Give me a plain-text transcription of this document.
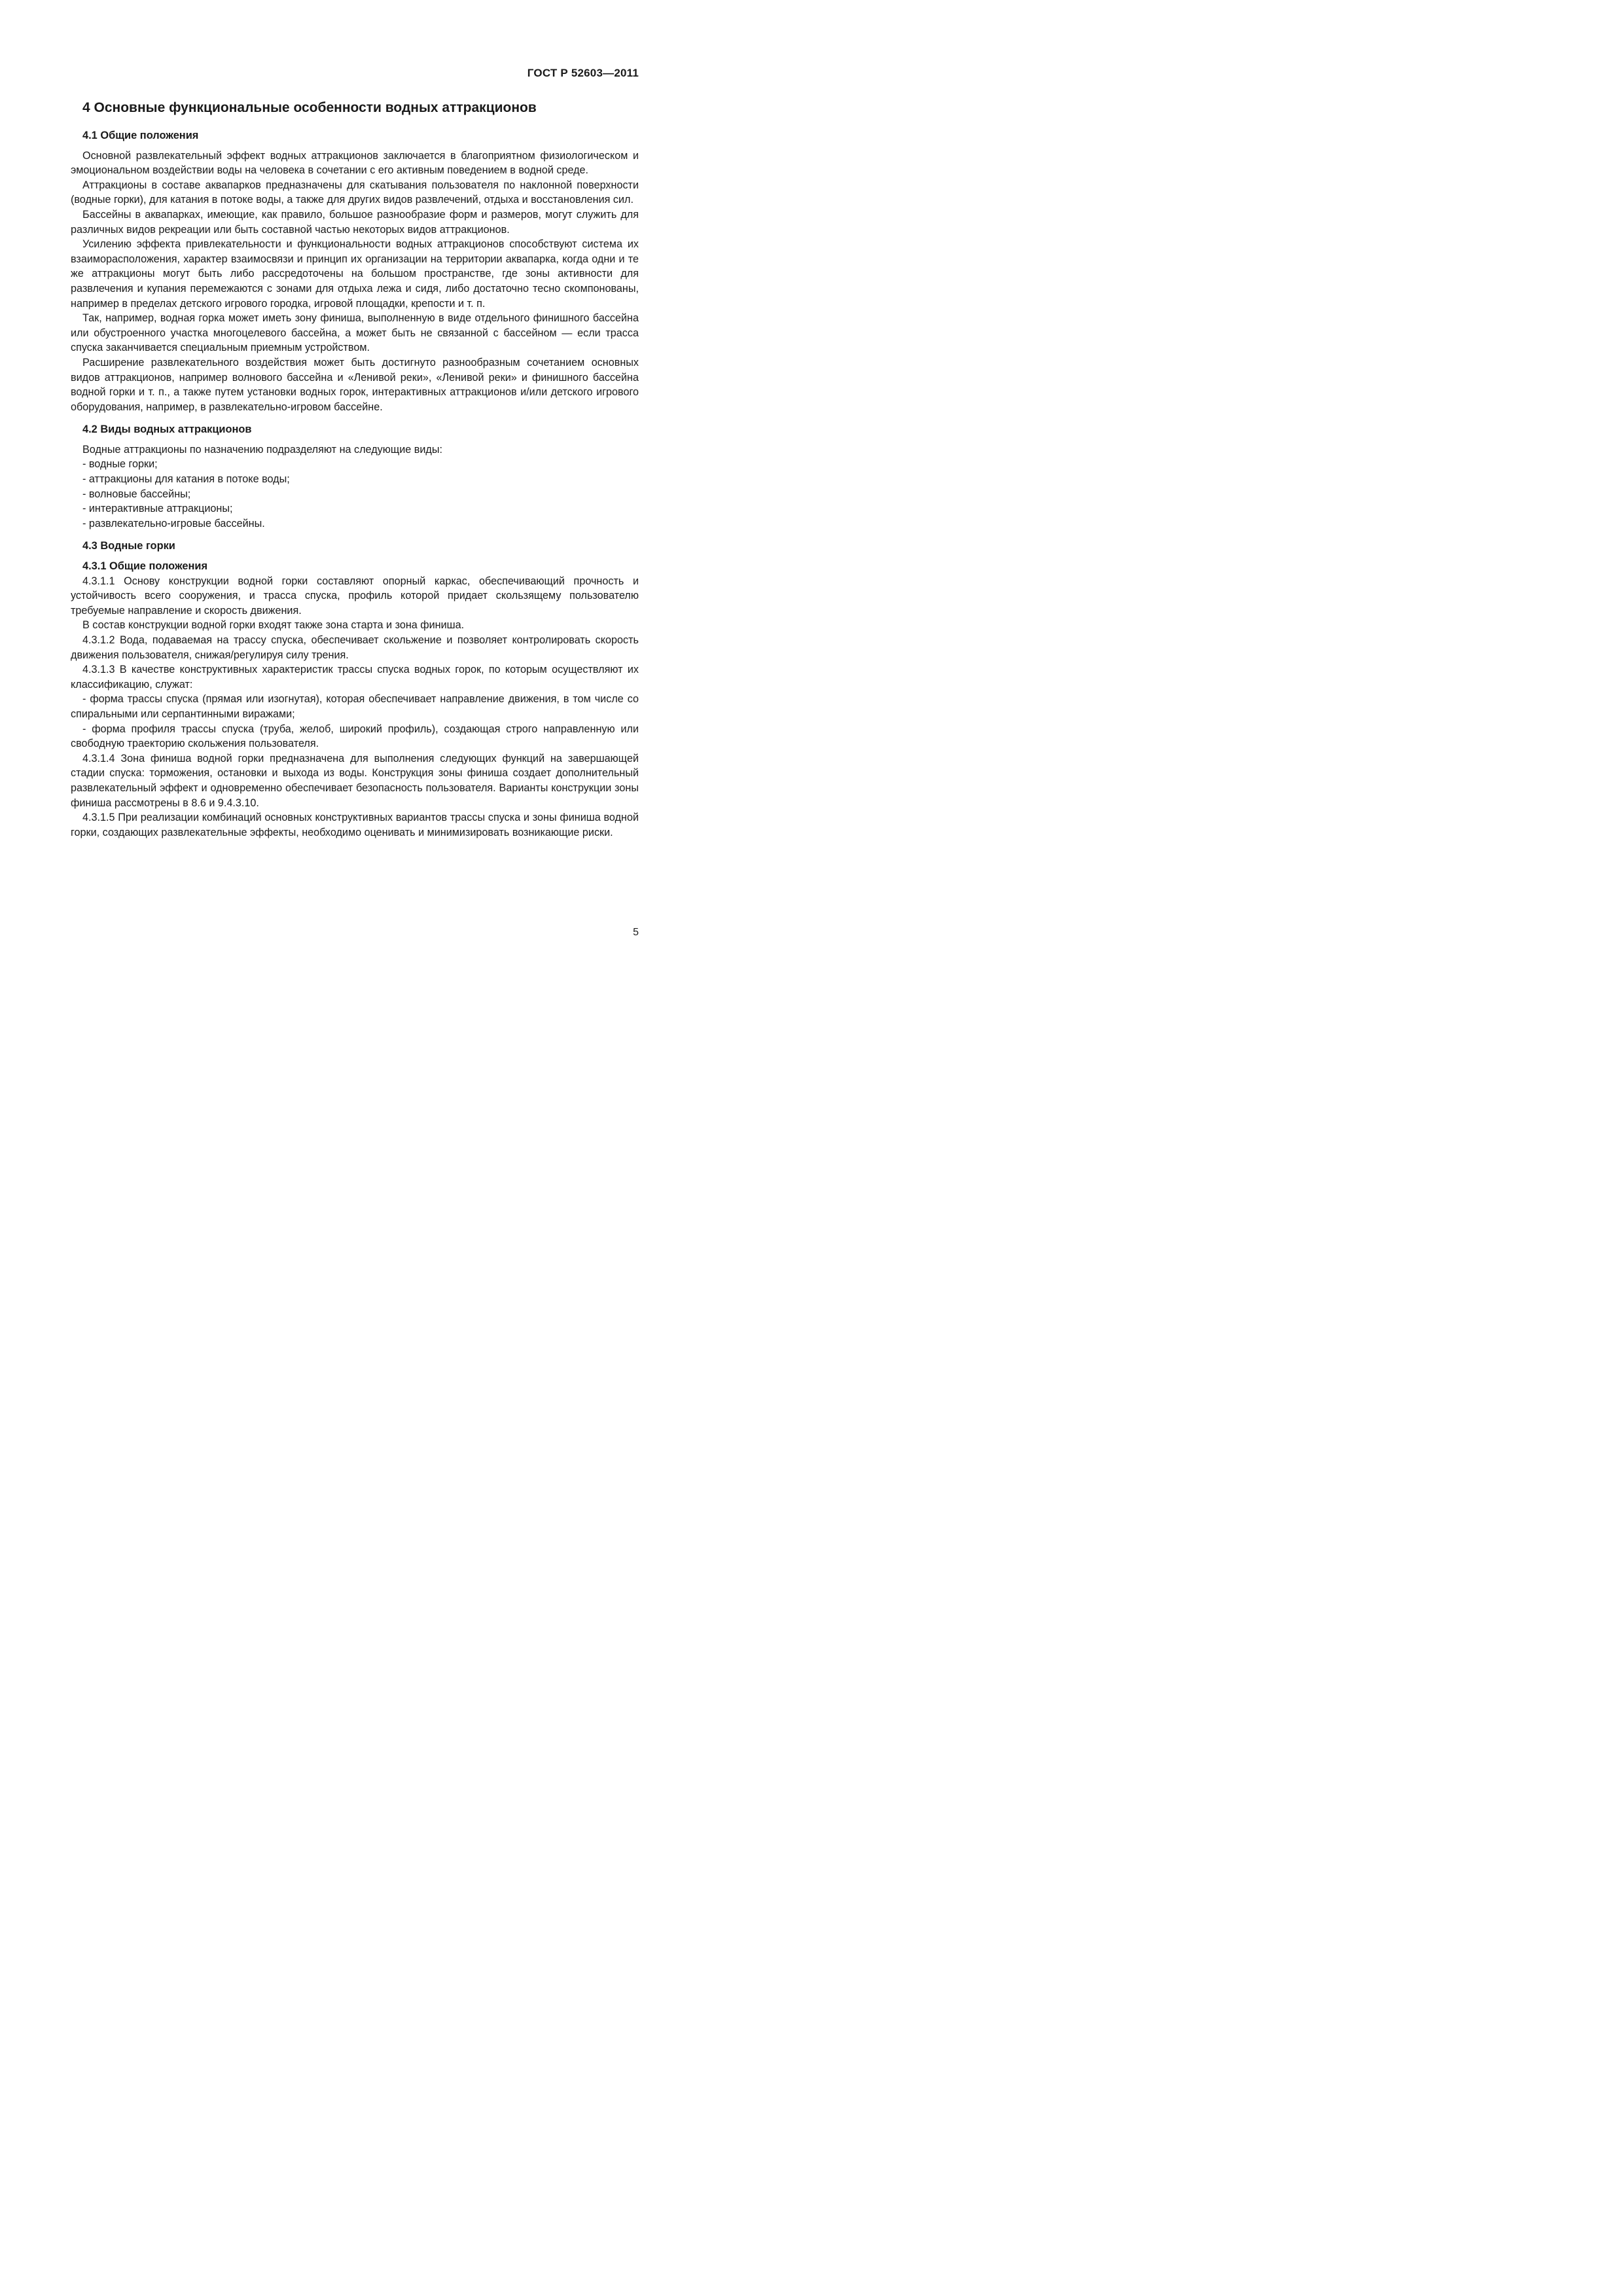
ГОСТ Р 52603—2011
4 Основные функциональные особенности водных аттракционов
4.1 Общие положения

Основной развлекательный эффект водных аттракционов заключается в благоприятном физиологическом и эмоциональном воздействии воды на человека в сочетании с его активным поведением в водной среде.

Аттракционы в составе аквапарков предназначены для скатывания пользователя по наклонной поверхности (водные горки), для катания в потоке воды, а также для других видов развлечений, отдыха и восстановления сил.

Бассейны в аквапарках, имеющие, как правило, большое разнообразие форм и размеров, могут служить для различных видов рекреации или быть составной частью некоторых видов аттракционов.

Усилению эффекта привлекательности и функциональности водных аттракционов способствуют система их взаиморасположения, характер взаимосвязи и принцип их организации на территории аквапарка, когда одни и те же аттракционы могут быть либо рассредоточены на большом пространстве, где зоны активности для развлечения и купания перемежаются с зонами для отдыха лежа и сидя, либо достаточно тесно скомпонованы, например в пределах детского игрового городка, игровой площадки, крепости и т. п.

Так, например, водная горка может иметь зону финиша, выполненную в виде отдельного финишного бассейна или обустроенного участка многоцелевого бассейна, а может быть не связанной с бассейном — если трасса спуска заканчивается специальным приемным устройством.

Расширение развлекательного воздействия может быть достигнуто разнообразным сочетанием основных видов аттракционов, например волнового бассейна и «Ленивой реки», «Ленивой реки» и финишного бассейна водной горки и т. п., а также путем установки водных горок, интерактивных аттракционов и/или детского игрового оборудования, например, в развлекательно-игровом бассейне.

4.2 Виды водных аттракционов

Водные аттракционы по назначению подразделяют на следующие виды:

- водные горки;
- аттракционы для катания в потоке воды;
- волновые бассейны;
- интерактивные аттракционы;
- развлекательно-игровые бассейны.
4.3 Водные горки
4.3.1 Общие положения

4.3.1.1 Основу конструкции водной горки составляют опорный каркас, обеспечивающий прочность и устойчивость всего сооружения, и трасса спуска, профиль которой придает скользящему пользователю требуемые направление и скорость движения.

В состав конструкции водной горки входят также зона старта и зона финиша.

4.3.1.2 Вода, подаваемая на трассу спуска, обеспечивает скольжение и позволяет контролировать скорость движения пользователя, снижая/регулируя силу трения.

4.3.1.3 В качестве конструктивных характеристик трассы спуска водных горок, по которым осуществляют их классификацию, служат:

- форма трассы спуска (прямая или изогнутая), которая обеспечивает направление движения, в том числе со спиральными или серпантинными виражами;

- форма профиля трассы спуска (труба, желоб, широкий профиль), создающая строго направленную или свободную траекторию скольжения пользователя.

4.3.1.4 Зона финиша водной горки предназначена для выполнения следующих функций на завершающей стадии спуска: торможения, остановки и выхода из воды. Конструкция зоны финиша создает дополнительный развлекательный эффект и одновременно обеспечивает безопасность пользователя. Варианты конструкции зоны финиша рассмотрены в 8.6 и 9.4.3.10.

4.3.1.5 При реализации комбинаций основных конструктивных вариантов трассы спуска и зоны финиша водной горки, создающих развлекательные эффекты, необходимо оценивать и минимизировать возникающие риски.

5
